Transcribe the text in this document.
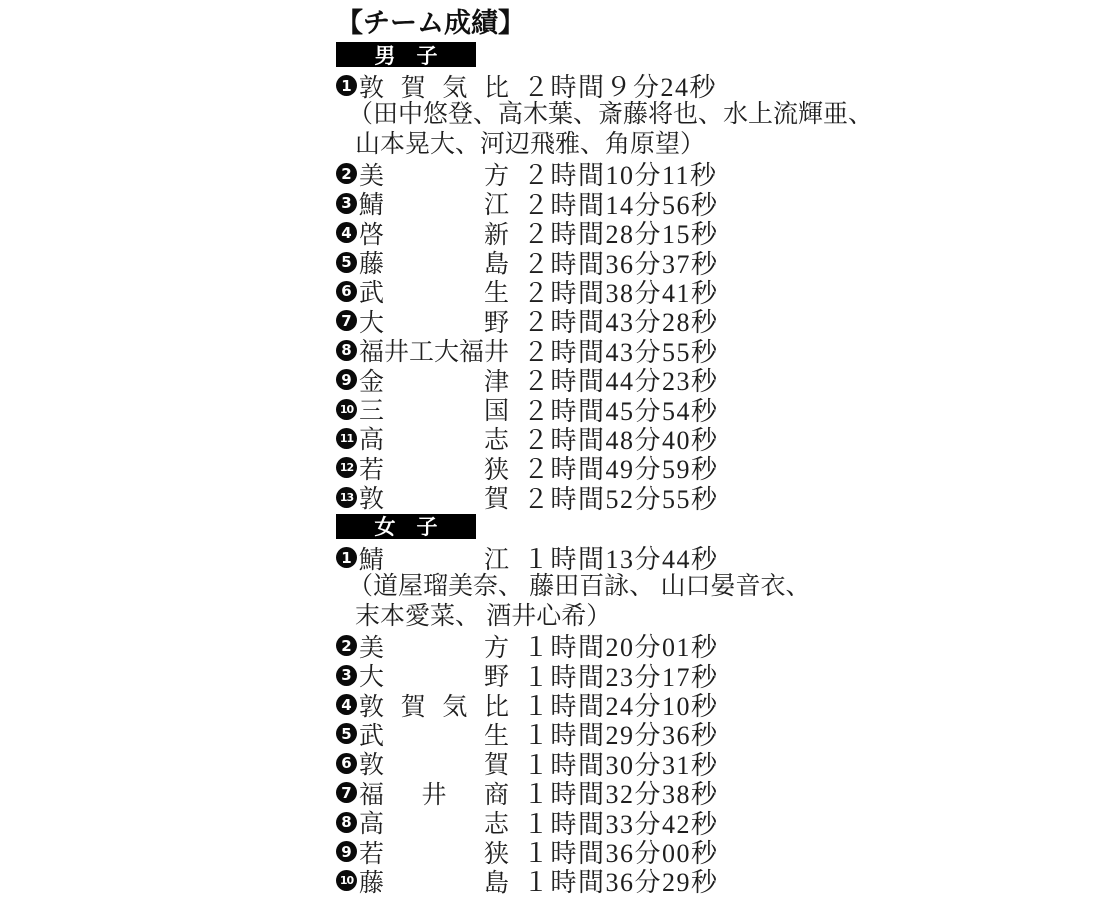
【チーム成績】
男　子
1 敦賀気比 ２時間９分24秒
（田中悠登、高木葉、斎藤将也、水上流輝亜、
山本晃大、河辺飛雅、角原望）
2 美方 ２時間10分11秒
3 鯖江 ２時間14分56秒
4 啓新 ２時間28分15秒
5 藤島 ２時間36分37秒
6 武生 ２時間38分41秒
7 大野 ２時間43分28秒
8 福井工大福井 ２時間43分55秒
9 金津 ２時間44分23秒
10 三国 ２時間45分54秒
11 高志 ２時間48分40秒
12 若狭 ２時間49分59秒
13 敦賀 ２時間52分55秒
女　子
1 鯖江 １時間13分44秒
（道屋瑠美奈、 藤田百詠、 山口晏音衣、
末本愛菜、 酒井心希）
2 美方 １時間20分01秒
3 大野 １時間23分17秒
4 敦賀気比 １時間24分10秒
5 武生 １時間29分36秒
6 敦賀 １時間30分31秒
7 福井商 １時間32分38秒
8 高志 １時間33分42秒
9 若狭 １時間36分00秒
10 藤島 １時間36分29秒
